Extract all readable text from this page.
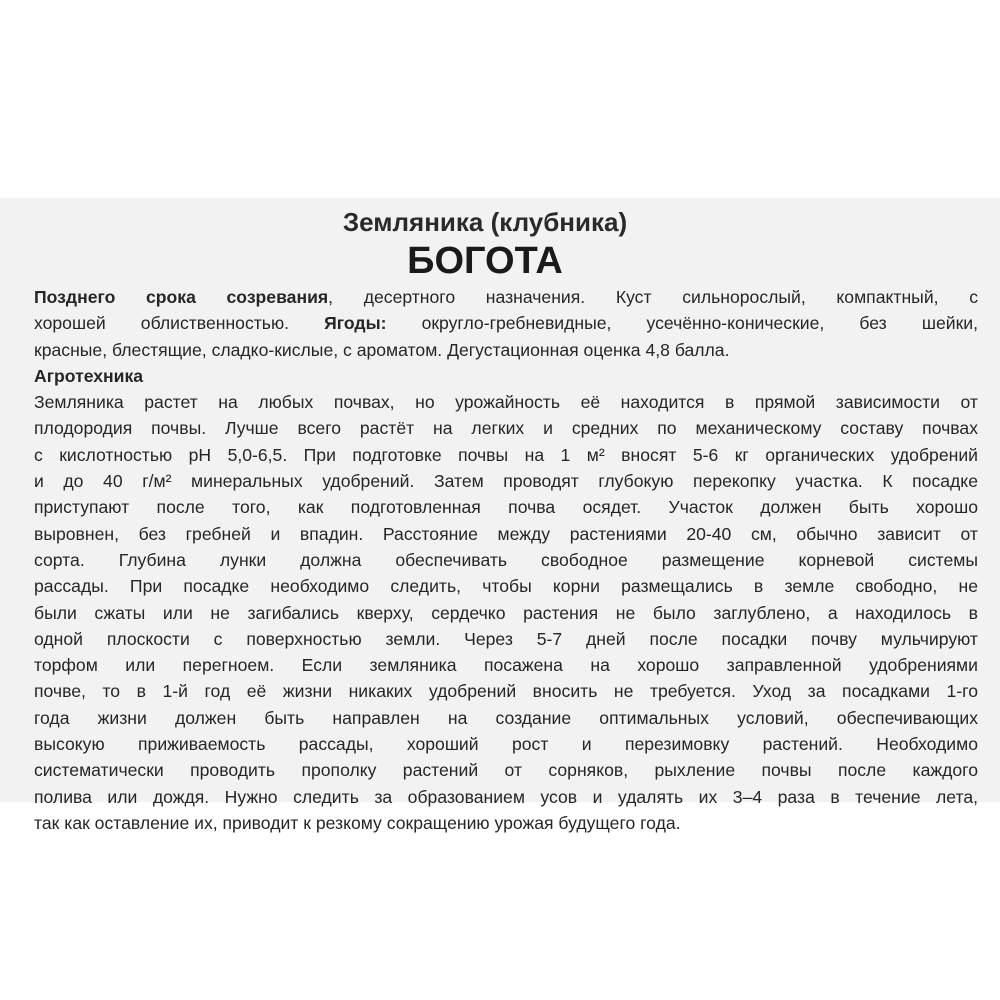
Земляника (клубника)
БОГОТА
Позднего срока созревания, десертного назначения. Куст сильнорослый, компактный, с
хорошей облиственностью. Ягоды: округло-гребневидные, усечённо-конические, без шейки,
красные, блестящие, сладко-кислые, с ароматом. Дегустационная оценка 4,8 балла.
Агротехника
Земляника растет на любых почвах, но урожайность её находится в прямой зависимости от
плодородия почвы. Лучше всего растёт на легких и средних по механическому составу почвах
с кислотностью pH 5,0-6,5. При подготовке почвы на 1 м² вносят 5-6 кг органических удобрений
и до 40 г/м² минеральных удобрений. Затем проводят глубокую перекопку участка. К посадке
приступают после того, как подготовленная почва осядет. Участок должен быть хорошо
выровнен, без гребней и впадин. Расстояние между растениями 20-40 см, обычно зависит от
сорта. Глубина лунки должна обеспечивать свободное размещение корневой системы
рассады. При посадке необходимо следить, чтобы корни размещались в земле свободно, не
были сжаты или не загибались кверху, сердечко растения не было заглублено, а находилось в
одной плоскости с поверхностью земли. Через 5-7 дней после посадки почву мульчируют
торфом или перегноем. Если земляника посажена на хорошо заправленной удобрениями
почве, то в 1-й год её жизни никаких удобрений вносить не требуется. Уход за посадками 1-го
года жизни должен быть направлен на создание оптимальных условий, обеспечивающих
высокую приживаемость рассады, хороший рост и перезимовку растений. Необходимо
систематически проводить прополку растений от сорняков, рыхление почвы после каждого
полива или дождя. Нужно следить за образованием усов и удалять их 3–4 раза в течение лета,
так как оставление их, приводит к резкому сокращению урожая будущего года.
